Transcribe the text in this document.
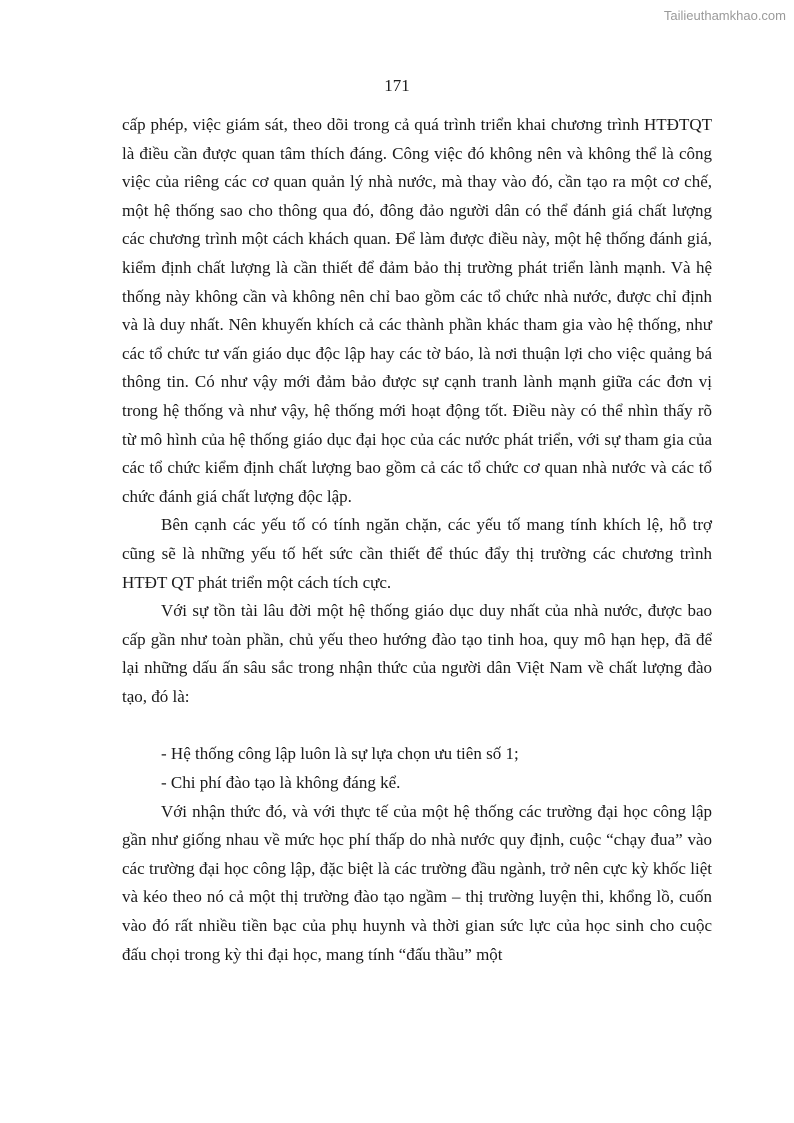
Tailieuthamkhao.com
171

cấp phép, việc giám sát, theo dõi trong cả quá trình triển khai chương trình HTĐTQT là điều cần được quan tâm thích đáng. Công việc đó không nên và không thể là công việc của riêng các cơ quan quản lý nhà nước, mà thay vào đó, cần tạo ra một cơ chế, một hệ thống sao cho thông qua đó, đông đảo người dân có thể đánh giá chất lượng các chương trình một cách khách quan. Để làm được điều này, một hệ thống đánh giá, kiểm định chất lượng là cần thiết để đảm bảo thị trường phát triển lành mạnh. Và hệ thống này không cần và không nên chỉ bao gồm các tổ chức nhà nước, được chỉ định và là duy nhất. Nên khuyến khích cả các thành phần khác tham gia vào hệ thống, như các tổ chức tư vấn giáo dục độc lập hay các tờ báo, là nơi thuận lợi cho việc quảng bá thông tin. Có như vậy mới đảm bảo được sự cạnh tranh lành mạnh giữa các đơn vị trong hệ thống và như vậy, hệ thống mới hoạt động tốt. Điều này có thể nhìn thấy rõ từ mô hình của hệ thống giáo dục đại học của các nước phát triển, với sự tham gia của các tổ chức kiểm định chất lượng bao gồm cả các tổ chức cơ quan nhà nước và các tổ chức đánh giá chất lượng độc lập.

Bên cạnh các yếu tố có tính ngăn chặn, các yếu tố mang tính khích lệ, hỗ trợ cũng sẽ là những yếu tố hết sức cần thiết để thúc đẩy thị trường các chương trình HTĐT QT phát triển một cách tích cực.

Với sự tồn tài lâu đời một hệ thống giáo dục duy nhất của nhà nước, được bao cấp gần như toàn phần, chủ yếu theo hướng đào tạo tinh hoa, quy mô hạn hẹp, đã để lại những dấu ấn sâu sắc trong nhận thức của người dân Việt Nam về chất lượng đào tạo, đó là:

- Hệ thống công lập luôn là sự lựa chọn ưu tiên số 1;

- Chi phí đào tạo là không đáng kể.

Với nhận thức đó, và với thực tế của một hệ thống các trường đại học công lập gần như giống nhau về mức học phí thấp do nhà nước quy định, cuộc “chạy đua” vào các trường đại học công lập, đặc biệt là các trường đầu ngành, trở nên cực kỳ khốc liệt và kéo theo nó cả một thị trường đào tạo ngầm – thị trường luyện thi, khổng lồ, cuốn vào đó rất nhiều tiền bạc của phụ huynh và thời gian sức lực của học sinh cho cuộc đấu chọi trong kỳ thi đại học, mang tính “đấu thầu” một
